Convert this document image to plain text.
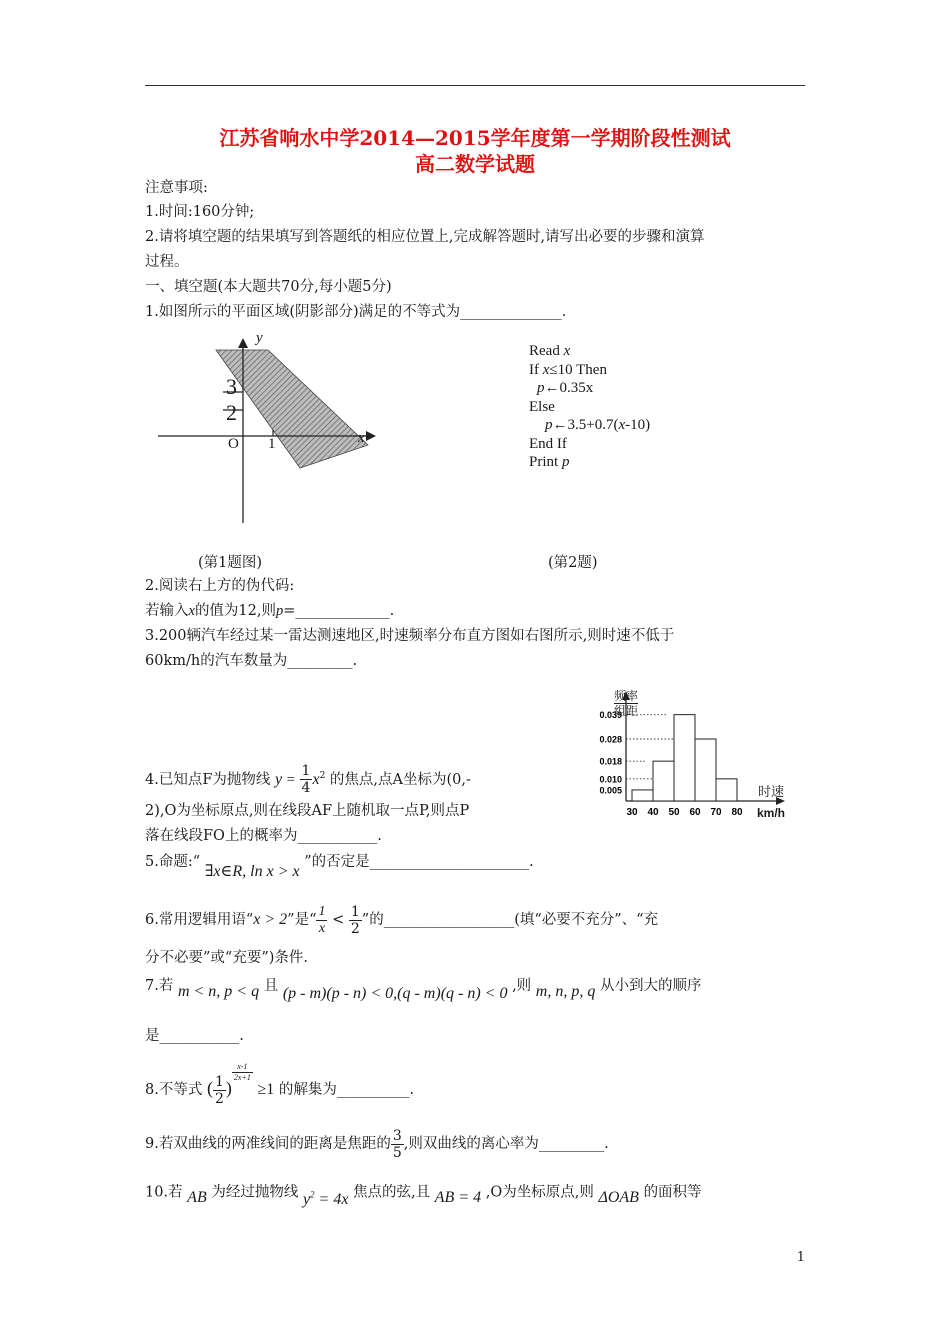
江苏省响水中学2014—2015学年度第一学期阶段性测试
高二数学试题
注意事项:
1.时间:160分钟;
2.请将填空题的结果填写到答题纸的相应位置上,完成解答题时,请写出必要的步骤和演算
过程。
一、填空题(本大题共70分,每小题5分)
1.如图所示的平面区域(阴影部分)满足的不等式为______________.
y
x
O 1
2
3
(第1题图)
Read x
If x≤10 Then
p←0.35x
Else
p←3.5+0.7(x-10)
End If
Print p
(第2题)
2.阅读右上方的伪代码:
若输入x的值为12,则p=_____________.
3.200辆汽车经过某一雷达测速地区,时速频率分布直方图如右图所示,则时速不低于
60km/h的汽车数量为_________.
0.005
0.010
0.018
0.028
0.039
30 40 50 60 70 80
频率
组距
时速
km/h
4.已知点F为抛物线 $y = \frac{1}{4} x^2$ 的焦点,点A坐标为(0,-
2),O为坐标原点,则在线段AF上随机取一点P,则点P
落在线段FO上的概率为___________.
5.命题:“ ∃x∈R, ln x > x ”的否定是______________________.
6.常用逻辑用语“x > 2”是“ $\frac{1}{x} < \frac{1}{2}$ ”的__________________(填“必要不充分”、“充
分不必要”或“充要”)条件.
7.若 m < n, p < q 且 (p - m)(p - n) < 0,(q - m)(q - n) < 0 ,则 m, n, p, q 从小到大的顺序
是___________.
8.不等式 ( $\frac{1}{2}$ )
$\frac{x-1}{2x+1}$
≥1 的解集为__________.
9.若双曲线的两准线间的距离是焦距的 $\frac{3}{5}$ ,则双曲线的离心率为_________.
10.若 AB 为经过抛物线 $y^2 = 4x$ 焦点的弦,且 AB = 4 ,O为坐标原点,则 ΔOAB 的面积等
1
